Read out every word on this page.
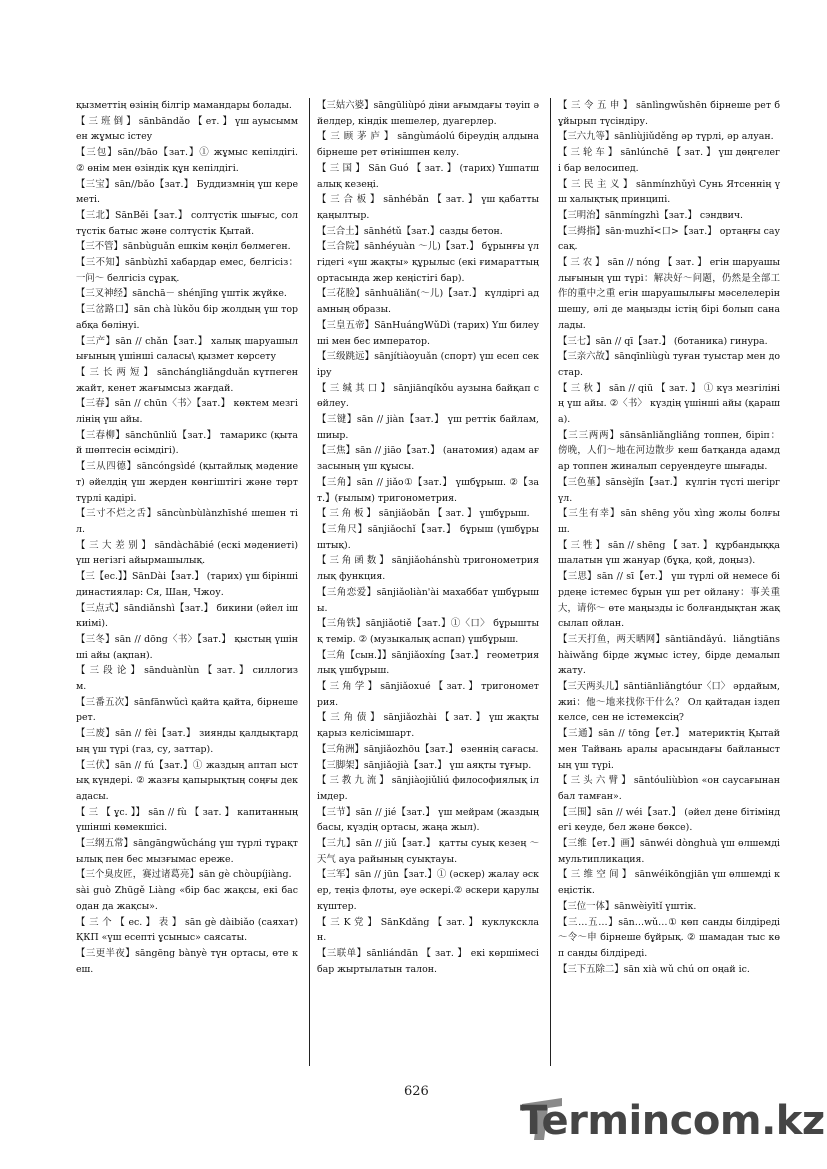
қызметтің өзінің білгір мамандары болады.

【 三 班 倒 】 sānbāndǎo 【 ет. 】 үш ауысыммен жұмыс істеу

【三包】sān//bāo【зат.】① жұмыс кепілдігі. ② өнім мен өзіндік құн кепілдігі.

【三宝】sān//bǎo【зат.】 Буддизмнің үш кереметі.

【三北】SānBěi【зат.】 солтүстік шығыс, солтүстік батыс және солтүстік Қытай.

【三不管】sānbùguǎn ешкім көңіл бөлмеген.

【三不知】sānbùzhī хабардар емес, белгісіз：一问～ белгісіз сұрақ.

【三叉神经】sānchā－ shénjīng үштік жүйке.

【三岔路口】sān chà lùkǒu бір жолдың үш торабқа бөлінуі.

【三产】sān // chǎn【зат.】 халық шаруашылығының үшінші саласы\ қызмет көрсету

【 三 长 两 短 】 sānchángliǎngduǎn күтпеген жайт, кенет жағымсыз жағдай.

【三春】sān // chūn〈书〉【зат.】 көктем мезгілінің үш айы.

【三春柳】sānchūnliǔ【зат.】 тамарикс (қытай шөптесін өсімдігі).

【三从四德】sāncóngsìdé (қытайлық мәдениет) әйелдің үш жерден көнгіштігі және төрт түрлі қадірі.

【三寸不烂之舌】sāncùnbùlànzhīshé шешен тіл.

【 三 大 差 别 】 sāndàchābié (ескі мәдениеті) үш негізгі айырмашылық.

【三【ес.】】SānDài【зат.】 (тарих) үш бірінші династиялар: Ся, Шан, Чжоу.

【三点式】sāndiǎnshì【зат.】 бикини (әйел іш киімі).

【三冬】sān // dōng〈书〉【зат.】 қыстың үшінші айы (ақпан).

【 三 段 论 】 sānduànlùn 【 зат. 】 силлогизм.

【三番五次】sānfānwǔcì қайта қайта, бірнеше рет.

【三废】sān // fèi【зат.】 зиянды қалдықтардың үш түрі (газ, су, заттар).

【三伏】sān // fú【зат.】① жаздың аптап ыстық күндері. ② жазғы қапырықтың соңғы декадасы.

【 三 【 ұс. 】】 sān // fù 【 зат. 】 капитанның үшінші көмекшісі.

【三纲五常】sāngāngwǔcháng үш түрлі тұрақтылық пен бес мызғымас ереже.

【三个臭皮匠，赛过诸葛亮】sān gè chòupíjiàng．sài guò Zhūgě Liàng «бір бас жақсы, екі бас одан да жақсы».

【 三 个 【 ес. 】 表 】 sān gè dàibiǎo (саяхат) ҚКП «үш есепті ұсыныс» саясаты.

【三更半夜】sāngēng bànyè түн ортасы, өте кеш.

【三姑六婆】sāngūliùpó діни ағымдағы тәуіп әйелдер, кіндік шешелер, дуагерлер.

【 三 顾 茅 庐 】 sāngùmáolú біреудің алдына бірнеше рет өтінішпен келу.

【 三 国 】 Sān Guó 【 зат. 】 (тарих) Үшпатшалық кезеңі.

【 三 合 板 】 sānhébǎn 【 зат. 】 үш қабатты қаңылтыр.

【三合土】sānhétǔ【зат.】сазды бетон.

【三合院】sānhéyuàn ～儿)【зат.】 бұрынғы үлгідегі «үш жақты» құрылыс (екі ғимараттың ортасында жер кеңістігі бар).

【三花脸】sānhuāliǎn(～儿)【зат.】 күлдіргі адамның образы.

【三皇五帝】SānHuángWǔDì (тарих) Үш билеуші мен бес император.

【三级跳远】sānjítiàoyuǎn (спорт) үш есеп секіру

【 三 缄 其 口 】 sānjiānqíkǒu аузына байқап сөйлеу.

【三键】sān // jiàn【зат.】 үш реттік байлам, шиыр.

【三焦】sān // jiāo【зат.】 (анатомия) адам ағзасының үш құысы.

【三角】sān // jiǎo①【зат.】 үшбұрыш. ②【зат.】(ғылым) тригонометрия.

【 三 角 板 】 sānjiǎobǎn 【 зат. 】 үшбұрыш.

【三角尺】sānjiǎochǐ【зат.】 бұрыш (үшбұрыштық).

【 三 角 函 数 】 sānjiǎohánshù тригонометриялық функция.

【三角恋爱】sānjiǎoliàn'ài махаббат үшбұрышы.

【三角铁】sānjiǎotiě【зат.】①〈口〉 бұрыштық темір. ② (музыкалық аспап) үшбұрыш.

【三角【сын.】】sānjiǎoxíng【зат.】 геометриялық үшбұрыш.

【 三 角 学 】 sānjiǎoxué 【 зат. 】 тригонометрия.

【 三 角 债 】 sānjiǎozhài 【 зат. 】 үш жақты қарыз келісімшарт.

【三角洲】sānjiǎozhōu【зат.】 өзеннің сағасы.

【三脚架】sānjiǎojià【зат.】 үш аяқты тұғыр.

【 三 教 九 流 】 sānjiàojiǔliú философиялық ілімдер.

【三节】sān // jié【зат.】 үш мейрам (жаздың басы, күздің ортасы, жаңа жыл).

【三九】sān // jiǔ【зат.】 қатты суық кезең ～天气 ауа райының суықтауы.

【三军】sān // jūn【зат.】① (әскер) жалау әскер, теңіз флоты, әуе әскері.② әскери қарулы күштер.

【 三 K 党 】 SānKdǎng 【 зат. 】 куклуксклан.

【三联单】sānliándān 【 зат. 】 екі көршімесі бар жыртылатын талон.

【 三 令 五 申 】 sānlìngwǔshēn бірнеше рет бұйырып түсіндіру.

【三六九等】sānliùjiǔděng әр түрлі, әр алуан.

【 三 轮 车 】 sānlúnchē 【 зат. 】 үш дөңгелегі бар велосипед.

【 三 民 主 义 】 sānmínzhǔyì Сунь Ятсеннің үш халықтық принципі.

【三明治】sānmíngzhì【зат.】 сэндвич.

【三拇指】sān·muzhǐ<口>【зат.】 ортаңғы саусақ.

【 三 农 】 sān // nóng 【 зат. 】 егін шаруашылығының үш түрі：解决好～问题，仍然是全部工作的重中之重 егін шаруашылығы мәселелерін шешу, әлі де маңызды істің бірі болып саналады.

【三七】sān // qī【зат.】 (ботаника) гинура.

【三亲六故】sānqīnliùgù туған туыстар мен достар.

【 三 秋 】 sān // qiū 【 зат. 】 ① күз мезгілінің үш айы. ②〈书〉 күздің үшінші айы (қараша).

【三三两两】sānsānliǎngliǎng топпен, біріп：傍晚，人们～地在河边散步 кеш батқанда адамдар топпен жиналып серуендеуге шығады.

【三色堇】sānsèjǐn【зат.】 күлгін түсті шегіргүл.

【三生有幸】sān shēng yǒu xìng жолы болғыш.

【 三 牲 】 sān // shēng 【 зат. 】 құрбандыққа шалатын үш жануар (бұқа, қой, доңыз).

【三思】sān // sī【ет.】 үш түрлі ой немесе бірдеңе істемес бұрын үш рет ойлану：事关重大，请你～ өте маңызды іс болғандықтан жақсылап ойлан.

【三天打鱼，两天晒网】sāntiāndǎyú．liǎngtiānshàiwǎng бірде жұмыс істеу, бірде демалып жату.

【三天两头儿】sāntiānliǎngtóur〈口〉 әрдайым, жиі：他～地来找你干什么？ Ол қайтадан іздеп келсе, сен не істемексің?

【三通】sān // tōng【ет.】 материктің Қытай мен Тайвань аралы арасындағы байланыстың үш түрі.

【 三 头 六 臂 】 sāntóuliùbìon «он саусағынан бал тамған».

【三围】sān // wéi【зат.】 (әйел дене бітіміндегі кеуде, бел және бөксе).

【三维【ет.】画】sānwéi dònghuà үш өлшемді мультипликация.

【 三 维 空 间 】 sānwéikōngjiān үш өлшемді кеңістік.

【三位一体】sānwèiyītǐ үштік.

【三…五…】sān…wǔ…① көп санды білдіреді ～令～申 бірнеше бұйрық. ② шамадан тыс көп санды білдіреді.

【三下五除二】sān xià wǔ chú оп оңай іс.

626
Termincom.kz
